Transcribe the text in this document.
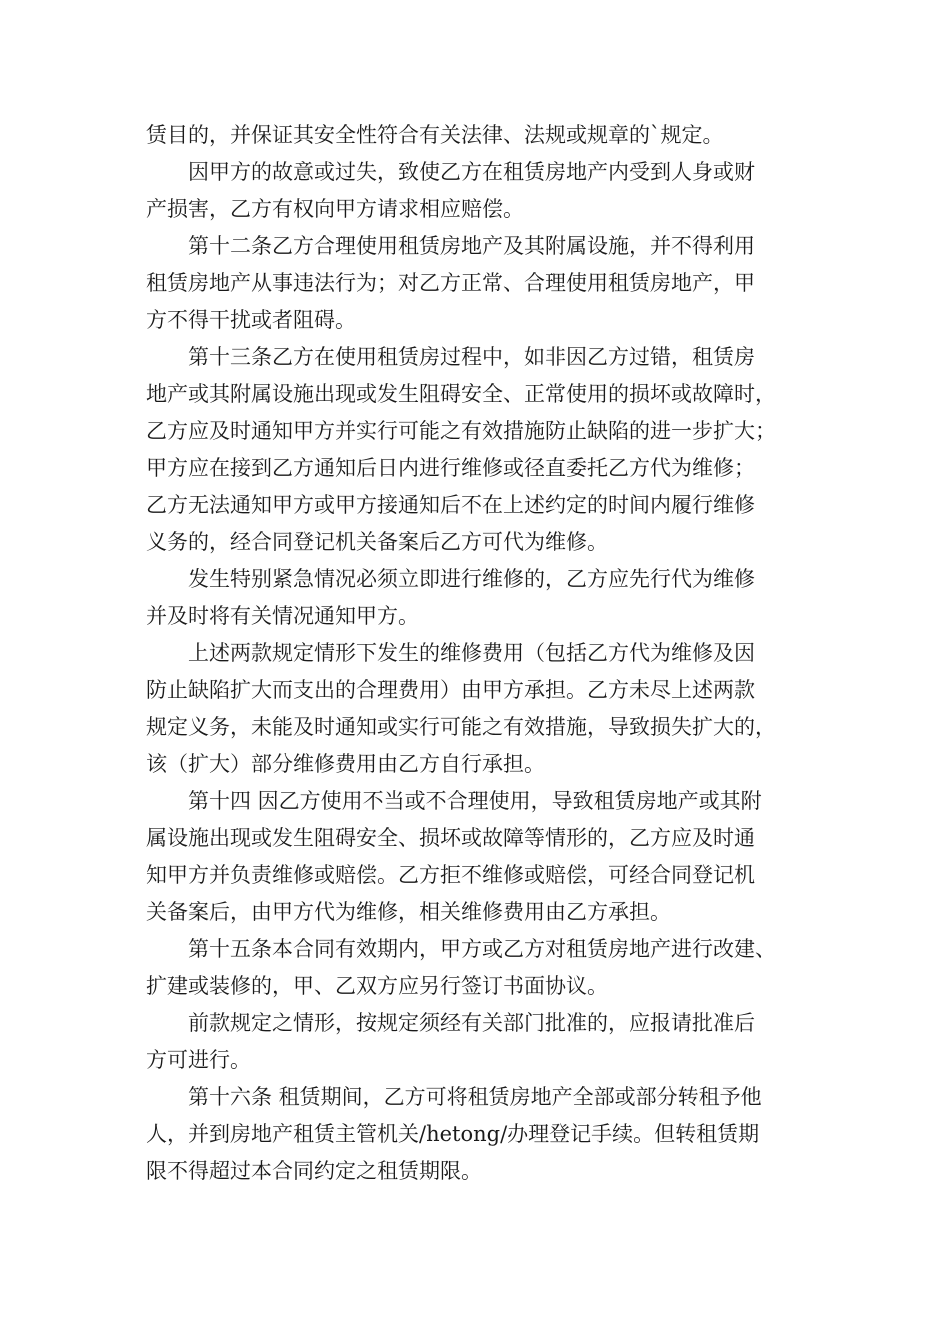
赁目的，并保证其安全性符合有关法律、法规或规章的`规定。
因甲方的故意或过失，致使乙方在租赁房地产内受到人身或财
产损害，乙方有权向甲方请求相应赔偿。
第十二条乙方合理使用租赁房地产及其附属设施，并不得利用
租赁房地产从事违法行为；对乙方正常、合理使用租赁房地产，甲
方不得干扰或者阻碍。
第十三条乙方在使用租赁房过程中，如非因乙方过错，租赁房
地产或其附属设施出现或发生阻碍安全、正常使用的损坏或故障时，
乙方应及时通知甲方并实行可能之有效措施防止缺陷的进一步扩大；
甲方应在接到乙方通知后日内进行维修或径直委托乙方代为维修；
乙方无法通知甲方或甲方接通知后不在上述约定的时间内履行维修
义务的，经合同登记机关备案后乙方可代为维修。
发生特别紧急情况必须立即进行维修的，乙方应先行代为维修
并及时将有关情况通知甲方。
上述两款规定情形下发生的维修费用（包括乙方代为维修及因
防止缺陷扩大而支出的合理费用）由甲方承担。乙方未尽上述两款
规定义务，未能及时通知或实行可能之有效措施，导致损失扩大的，
该（扩大）部分维修费用由乙方自行承担。
第十四 因乙方使用不当或不合理使用，导致租赁房地产或其附
属设施出现或发生阻碍安全、损坏或故障等情形的，乙方应及时通
知甲方并负责维修或赔偿。乙方拒不维修或赔偿，可经合同登记机
关备案后，由甲方代为维修，相关维修费用由乙方承担。
第十五条本合同有效期内，甲方或乙方对租赁房地产进行改建、
扩建或装修的，甲、乙双方应另行签订书面协议。
前款规定之情形，按规定须经有关部门批准的，应报请批准后
方可进行。
第十六条 租赁期间，乙方可将租赁房地产全部或部分转租予他
人，并到房地产租赁主管机关/hetong/办理登记手续。但转租赁期
限不得超过本合同约定之租赁期限。
